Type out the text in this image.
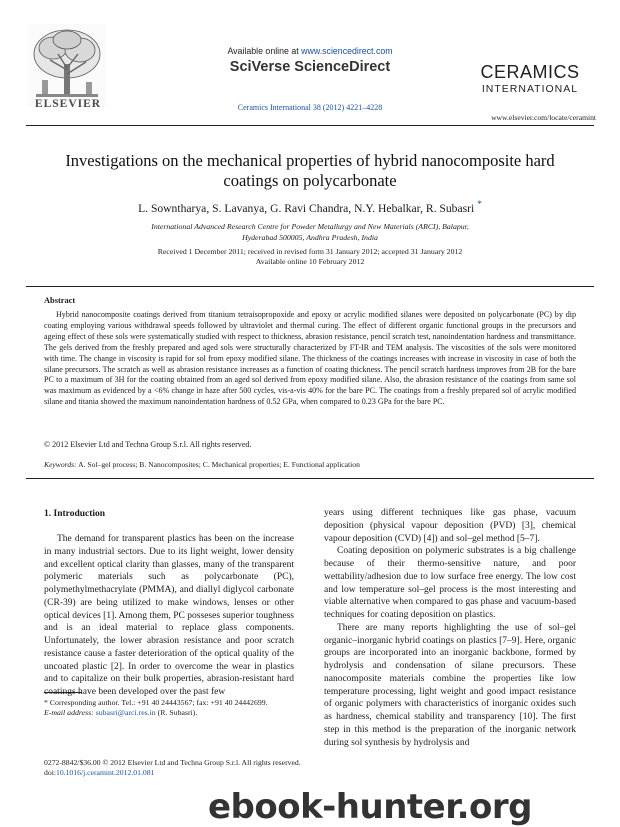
ELSEVIER
Available online at www.sciencedirect.com
SciVerse ScienceDirect
Ceramics International 38 (2012) 4221–4228
CERAMICS
INTERNATIONAL
www.elsevier.com/locate/ceramint
Investigations on the mechanical properties of hybrid nanocomposite hard coatings on polycarbonate
L. Sowntharya, S. Lavanya, G. Ravi Chandra, N.Y. Hebalkar, R. Subasri *
International Advanced Research Centre for Powder Metallurgy and New Materials (ARCI), Balapur,
Hyderabad 500005, Andhra Pradesh, India
Received 1 December 2011; received in revised form 31 January 2012; accepted 31 January 2012
Available online 10 February 2012
Abstract
Hybrid nanocomposite coatings derived from titanium tetraisopropoxide and epoxy or acrylic modified silanes were deposited on polycarbonate (PC) by dip coating employing various withdrawal speeds followed by ultraviolet and thermal curing. The effect of different organic functional groups in the precursors and ageing effect of these sols were systematically studied with respect to thickness, abrasion resistance, pencil scratch test, nanoindentation hardness and transmittance. The gels derived from the freshly prepared and aged sols were structurally characterized by FT-IR and TEM analysis. The viscosities of the sols were monitored with time. The change in viscosity is rapid for sol from epoxy modified silane. The thickness of the coatings increases with increase in viscosity in case of both the silane precursors. The scratch as well as abrasion resistance increases as a function of coating thickness. The pencil scratch hardness improves from 2B for the bare PC to a maximum of 3H for the coating obtained from an aged sol derived from epoxy modified silane. Also, the abrasion resistance of the coatings from same sol was maximum as evidenced by a <6% change in haze after 500 cycles, vis-a-vis 40% for the bare PC. The coatings from a freshly prepared sol of acrylic modified silane and titania showed the maximum nanoindentation hardness of 0.52 GPa, when compared to 0.23 GPa for the bare PC.
© 2012 Elsevier Ltd and Techna Group S.r.l. All rights reserved.
Keywords: A. Sol–gel process; B. Nanocomposites; C. Mechanical properties; E. Functional application
1. Introduction

The demand for transparent plastics has been on the increase in many industrial sectors. Due to its light weight, lower density and excellent optical clarity than glasses, many of the transparent polymeric materials such as polycarbonate (PC), polymethylmethacrylate (PMMA), and diallyl diglycol carbonate (CR-39) are being utilized to make windows, lenses or other optical devices [1]. Among them, PC posseses superior toughness and is an ideal material to replace glass components. Unfortunately, the lower abrasion resistance and poor scratch resistance cause a faster deterioration of the optical quality of the uncoated plastic [2]. In order to overcome the wear in plastics and to capitalize on their bulk properties, abrasion-resistant hard coatings have been developed over the past few

years using different techniques like gas phase, vacuum deposition (physical vapour deposition (PVD) [3], chemical vapour deposition (CVD) [4]) and sol–gel method [5–7].

Coating deposition on polymeric substrates is a big challenge because of their thermo-sensitive nature, and poor wettability/adhesion due to low surface free energy. The low cost and low temperature sol–gel process is the most interesting and viable alternative when compared to gas phase and vacuum-based techniques for coating deposition on plastics.

There are many reports highlighting the use of sol–gel organic–inorganic hybrid coatings on plastics [7–9]. Here, organic groups are incorporated into an inorganic backbone, formed by hydrolysis and condensation of silane precursors. These nanocomposite materials combine the properties like low temperature processing, light weight and good impact resistance of organic polymers with characteristics of inorganic oxides such as hardness, chemical stability and transparency [10]. The first step in this method is the preparation of the inorganic network during sol synthesis by hydrolysis and

* Corresponding author. Tel.: +91 40 24443567; fax: +91 40 24442699.
E-mail address: subasri@arci.res.in (R. Subasri).
0272-8842/$36.00 © 2012 Elsevier Ltd and Techna Group S.r.l. All rights reserved.
doi:10.1016/j.ceramint.2012.01.081
ebook-hunter.org
